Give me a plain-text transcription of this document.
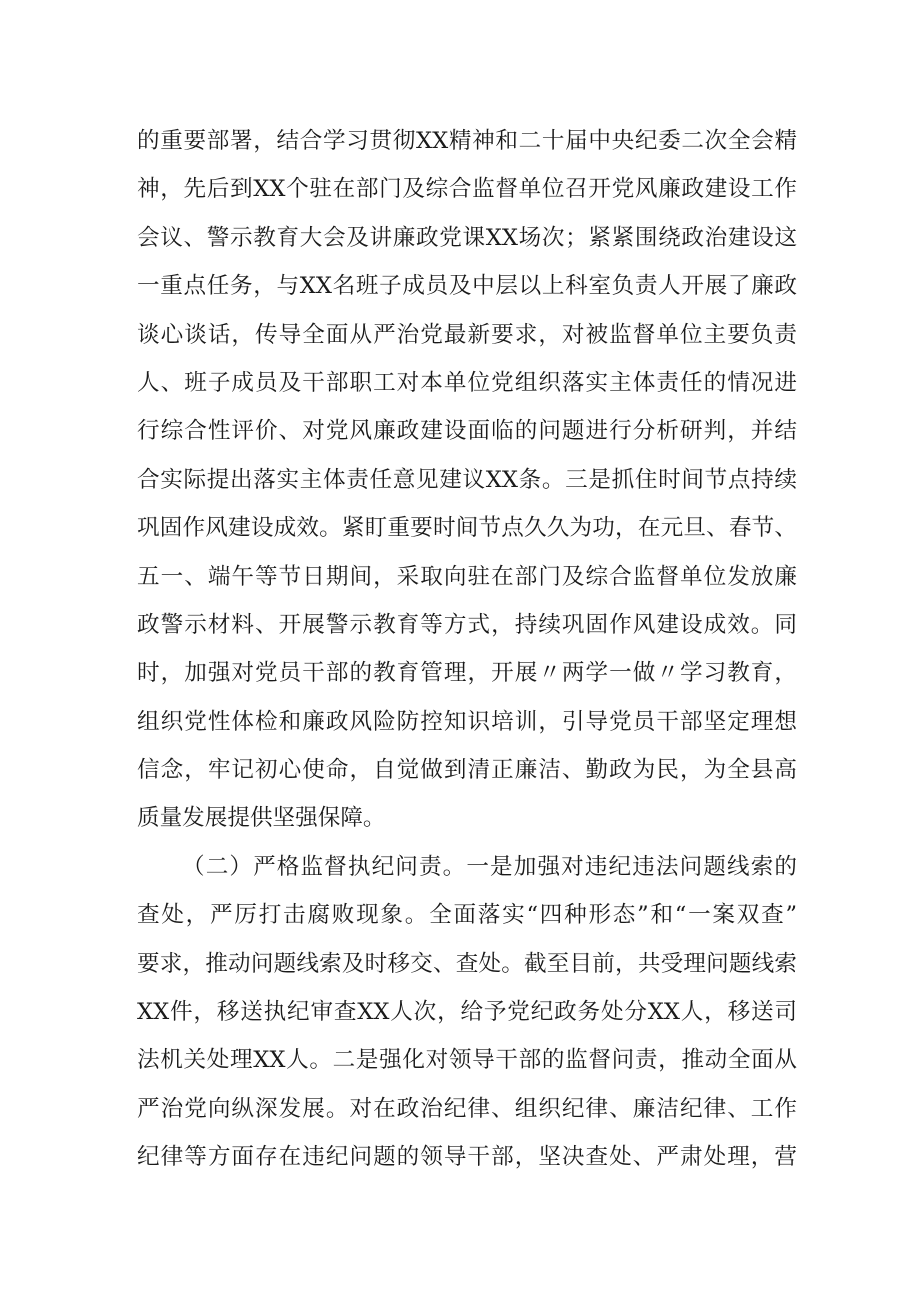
的重要部署，结合学习贯彻XX精神和二十届中央纪委二次全会精
神，先后到XX个驻在部门及综合监督单位召开党风廉政建设工作
会议、警示教育大会及讲廉政党课XX场次；紧紧围绕政治建设这
一重点任务，与XX名班子成员及中层以上科室负责人开展了廉政
谈心谈话，传导全面从严治党最新要求，对被监督单位主要负责
人、班子成员及干部职工对本单位党组织落实主体责任的情况进
行综合性评价、对党风廉政建设面临的问题进行分析研判，并结
合实际提出落实主体责任意见建议XX条。三是抓住时间节点持续
巩固作风建设成效。紧盯重要时间节点久久为功，在元旦、春节、
五一、端午等节日期间，采取向驻在部门及综合监督单位发放廉
政警示材料、开展警示教育等方式，持续巩固作风建设成效。同
时，加强对党员干部的教育管理，开展〃两学一做〃学习教育，
组织党性体检和廉政风险防控知识培训，引导党员干部坚定理想
信念，牢记初心使命，自觉做到清正廉洁、勤政为民，为全县高
质量发展提供坚强保障。
（二）严格监督执纪问责。一是加强对违纪违法问题线索的
查处，严厉打击腐败现象。全面落实“四种形态”和“一案双查”
要求，推动问题线索及时移交、查处。截至目前，共受理问题线索
XX件，移送执纪审查XX人次，给予党纪政务处分XX人，移送司
法机关处理XX人。二是强化对领导干部的监督问责，推动全面从
严治党向纵深发展。对在政治纪律、组织纪律、廉洁纪律、工作
纪律等方面存在违纪问题的领导干部，坚决查处、严肃处理，营
